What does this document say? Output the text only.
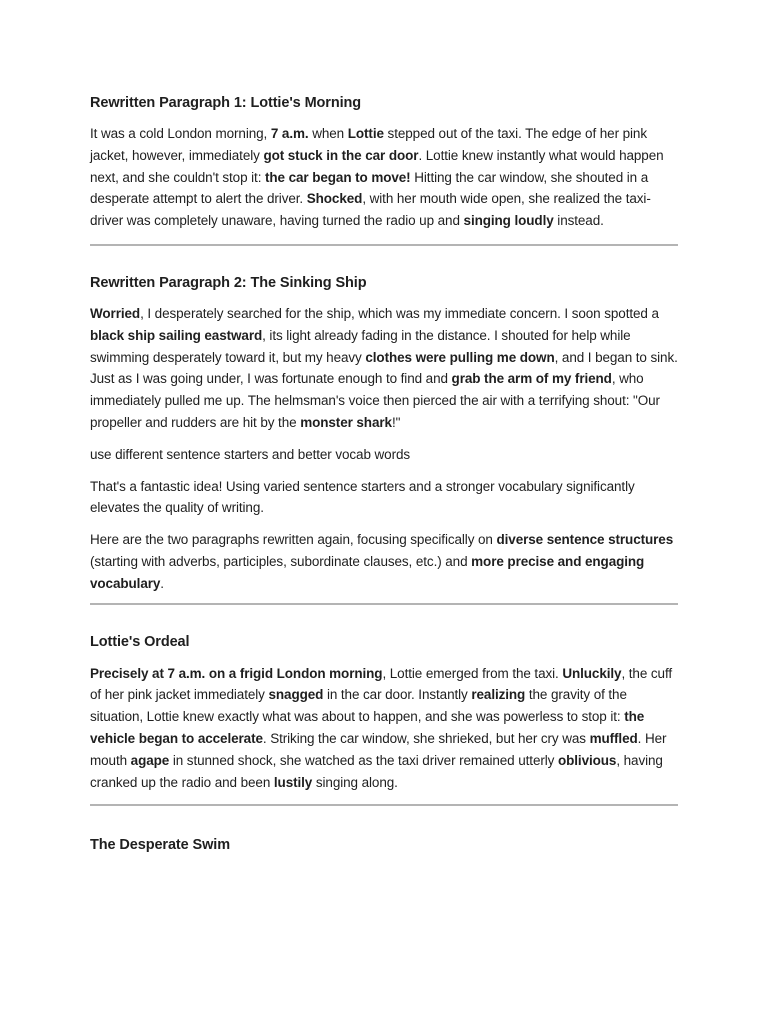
Rewritten Paragraph 1: Lottie's Morning

It was a cold London morning, 7 a.m. when Lottie stepped out of the taxi. The edge of her pink jacket, however, immediately got stuck in the car door. Lottie knew instantly what would happen next, and she couldn't stop it: the car began to move! Hitting the car window, she shouted in a desperate attempt to alert the driver. Shocked, with her mouth wide open, she realized the taxi-driver was completely unaware, having turned the radio up and singing loudly instead.

Rewritten Paragraph 2: The Sinking Ship

Worried, I desperately searched for the ship, which was my immediate concern. I soon spotted a black ship sailing eastward, its light already fading in the distance. I shouted for help while swimming desperately toward it, but my heavy clothes were pulling me down, and I began to sink. Just as I was going under, I was fortunate enough to find and grab the arm of my friend, who immediately pulled me up. The helmsman's voice then pierced the air with a terrifying shout: "Our propeller and rudders are hit by the monster shark!"

use different sentence starters and better vocab words

That's a fantastic idea! Using varied sentence starters and a stronger vocabulary significantly elevates the quality of writing.

Here are the two paragraphs rewritten again, focusing specifically on diverse sentence structures (starting with adverbs, participles, subordinate clauses, etc.) and more precise and engaging vocabulary.

Lottie's Ordeal

Precisely at 7 a.m. on a frigid London morning, Lottie emerged from the taxi. Unluckily, the cuff of her pink jacket immediately snagged in the car door. Instantly realizing the gravity of the situation, Lottie knew exactly what was about to happen, and she was powerless to stop it: the vehicle began to accelerate. Striking the car window, she shrieked, but her cry was muffled. Her mouth agape in stunned shock, she watched as the taxi driver remained utterly oblivious, having cranked up the radio and been lustily singing along.

The Desperate Swim
